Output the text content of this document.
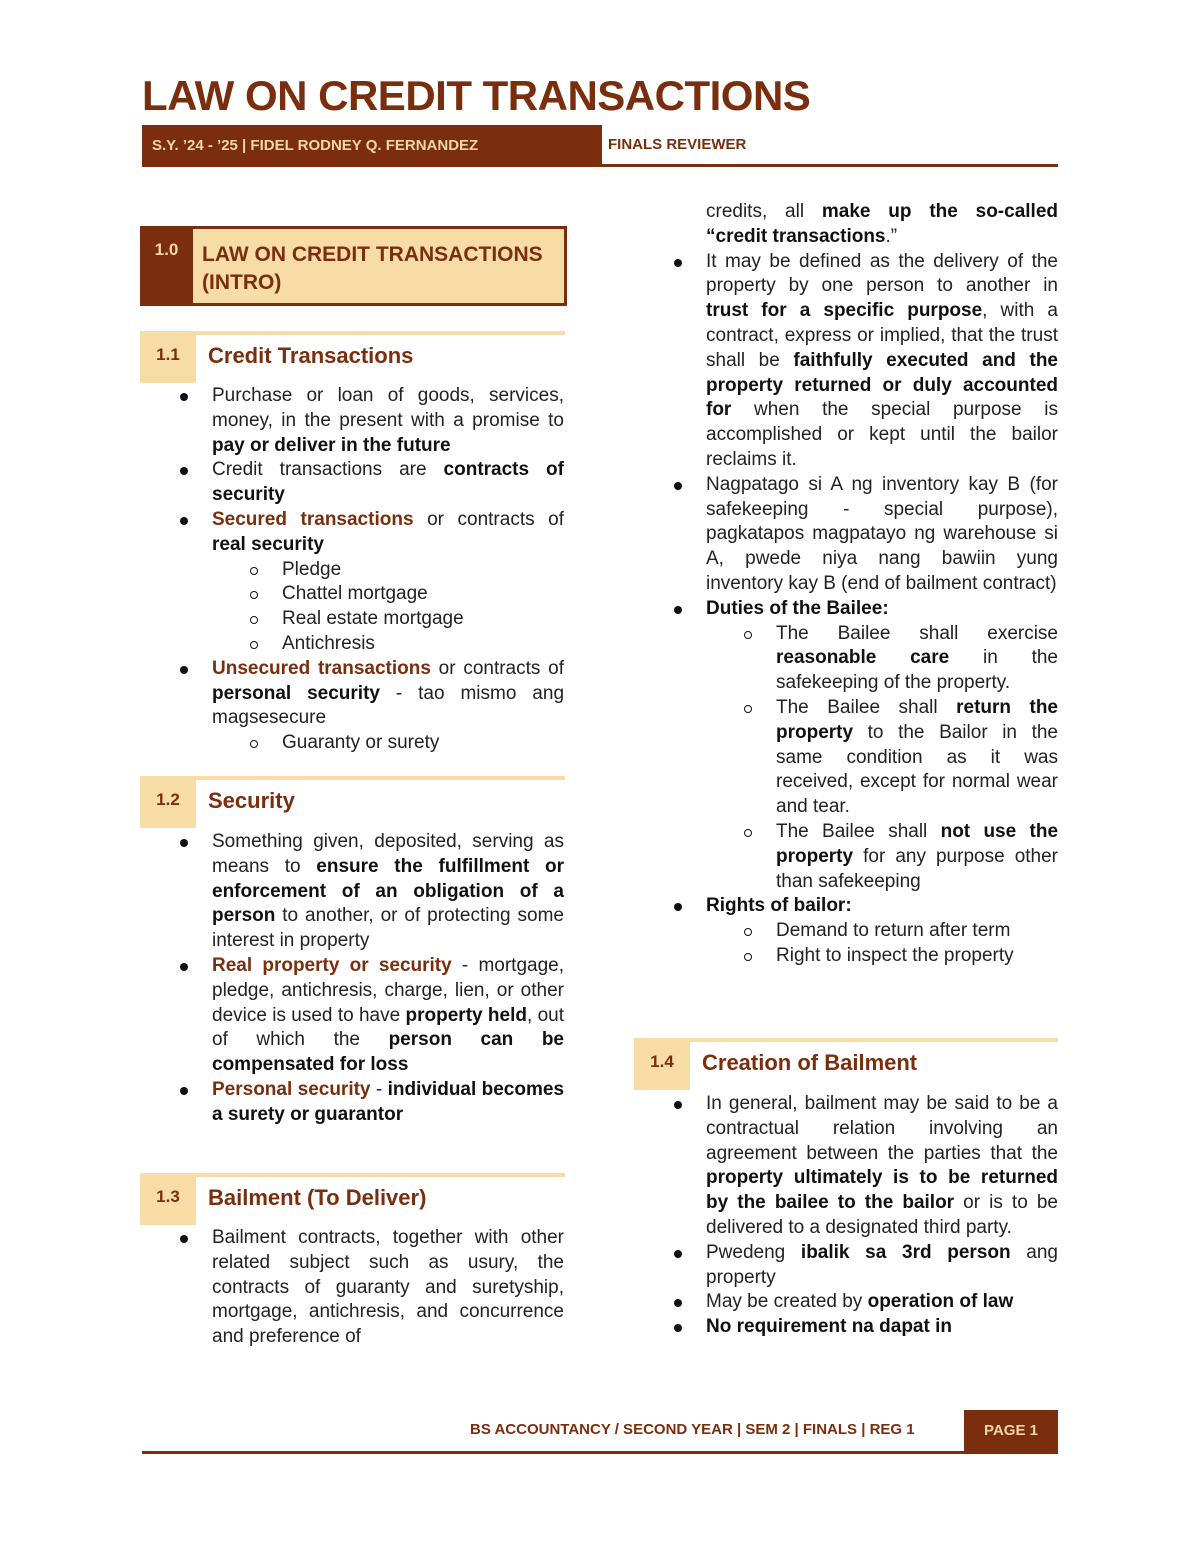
LAW ON CREDIT TRANSACTIONS
S.Y. ’24 - ’25 | FIDEL RODNEY Q. FERNANDEZ	FINALS REVIEWER
1.0	LAW ON CREDIT TRANSACTIONS (INTRO)
1.1	Credit Transactions
Purchase or loan of goods, services, money, in the present with a promise to pay or deliver in the future
Credit transactions are contracts of security
Secured transactions or contracts of real security
Pledge
Chattel mortgage
Real estate mortgage
Antichresis
Unsecured transactions or contracts of personal security - tao mismo ang magsesecure
Guaranty or surety
1.2	Security
Something given, deposited, serving as means to ensure the fulfillment or enforcement of an obligation of a person to another, or of protecting some interest in property
Real property or security - mortgage, pledge, antichresis, charge, lien, or other device is used to have property held, out of which the person can be compensated for loss
Personal security - individual becomes a surety or guarantor
1.3	Bailment (To Deliver)
Bailment contracts, together with other related subject such as usury, the contracts of guaranty and suretyship, mortgage, antichresis, and concurrence and preference of
credits, all make up the so-called “credit transactions.”
It may be defined as the delivery of the property by one person to another in trust for a specific purpose, with a contract, express or implied, that the trust shall be faithfully executed and the property returned or duly accounted for when the special purpose is accomplished or kept until the bailor reclaims it.
Nagpatago si A ng inventory kay B (for safekeeping - special purpose), pagkatapos magpatayo ng warehouse si A, pwede niya nang bawiin yung inventory kay B (end of bailment contract)
Duties of the Bailee:
The Bailee shall exercise reasonable care in the safekeeping of the property.
The Bailee shall return the property to the Bailor in the same condition as it was received, except for normal wear and tear.
The Bailee shall not use the property for any purpose other than safekeeping
Rights of bailor:
Demand to return after term
Right to inspect the property
1.4	Creation of Bailment
In general, bailment may be said to be a contractual relation involving an agreement between the parties that the property ultimately is to be returned by the bailee to the bailor or is to be delivered to a designated third party.
Pwedeng ibalik sa 3rd person ang property
May be created by operation of law
No requirement na dapat in
BS ACCOUNTANCY / SECOND YEAR | SEM 2 | FINALS | REG 1	PAGE 1
